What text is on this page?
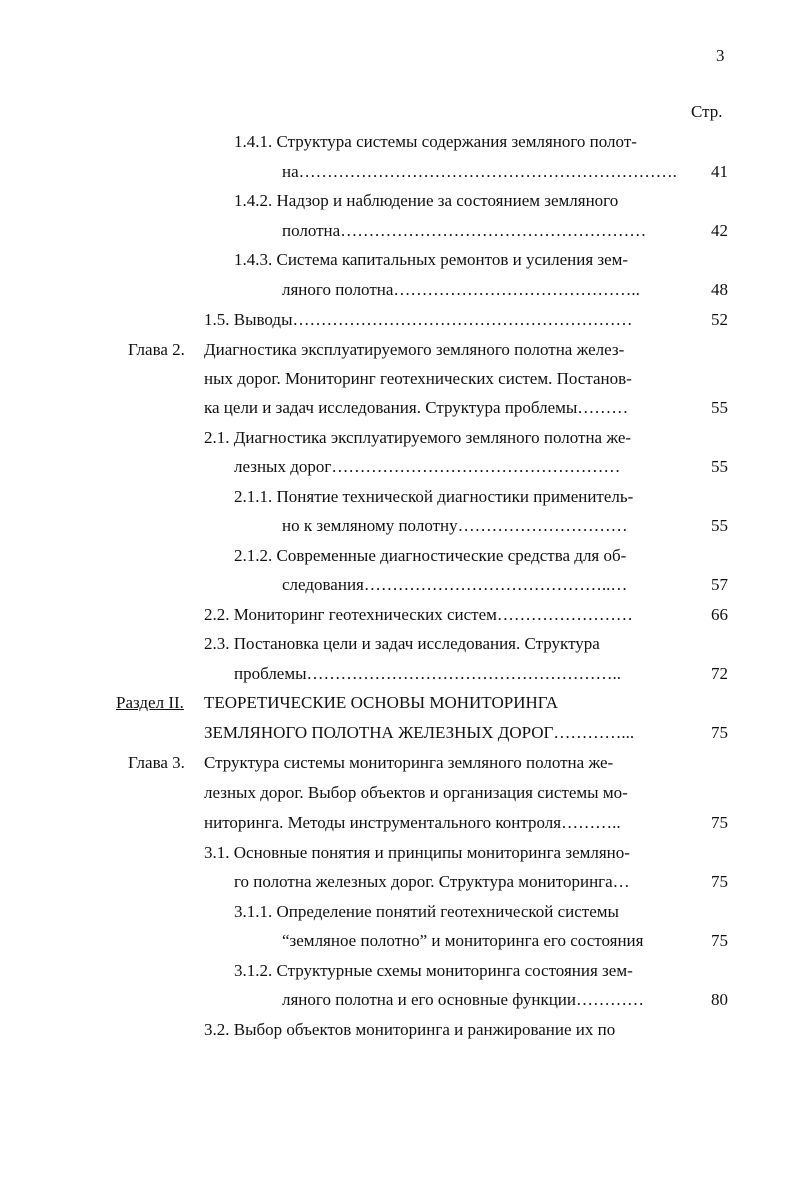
3
Стр.
1.4.1. Структура системы содержания земляного полот-
на………………………………………………………….	41
1.4.2. Надзор и наблюдение за состоянием земляного
полотна………………………………………………	42
1.4.3. Система капитальных ремонтов и усиления зем-
ляного полотна……………………………………..	48
1.5. Выводы……………………………………………………	52
Глава 2. Диагностика эксплуатируемого земляного полотна желез-
ных дорог. Мониторинг геотехнических систем. Постанов-
ка цели и задач исследования. Структура проблемы………	55
2.1. Диагностика эксплуатируемого земляного полотна же-
лезных дорог……………………………………………	55
2.1.1. Понятие технической диагностики применитель-
но к земляному полотну…………………………	55
2.1.2. Современные диагностические средства для об-
следования……………………………………..…	57
2.2. Мониторинг геотехнических систем……………………	66
2.3. Постановка цели и задач исследования. Структура
проблемы………………………………………………..	72
Раздел II. ТЕОРЕТИЧЕСКИЕ ОСНОВЫ МОНИТОРИНГА
ЗЕМЛЯНОГО ПОЛОТНА ЖЕЛЕЗНЫХ ДОРОГ…………...	75
Глава 3. Структура системы мониторинга земляного полотна же-
лезных дорог. Выбор объектов и организация системы мо-
ниторинга. Методы инструментального контроля………..	75
3.1. Основные понятия и принципы мониторинга земляно-
го полотна железных дорог. Структура мониторинга…	75
3.1.1. Определение понятий геотехнической системы
“земляное полотно” и мониторинга его состояния	75
3.1.2. Структурные схемы мониторинга состояния зем-
ляного полотна и его основные функции…………	80
3.2. Выбор объектов мониторинга и ранжирование их по
